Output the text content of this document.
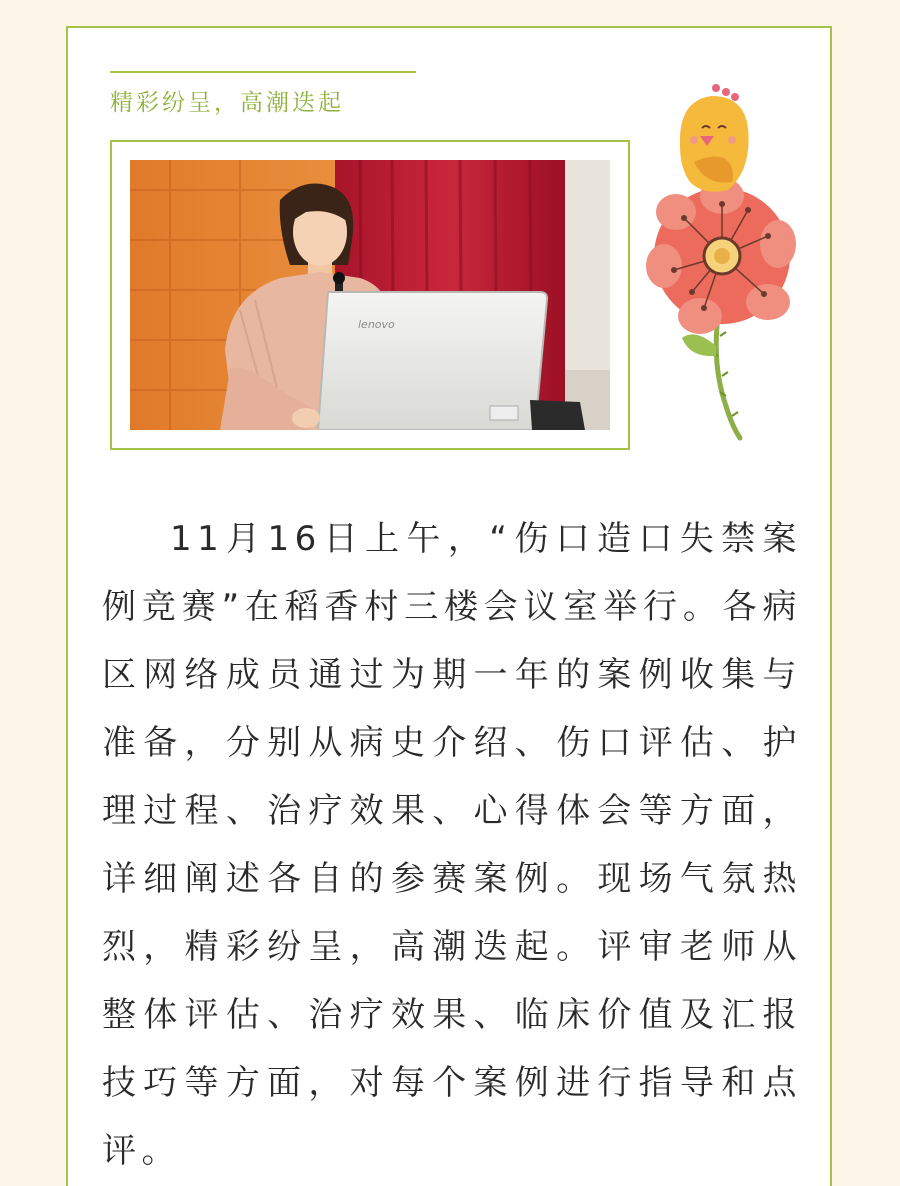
精彩纷呈，高潮迭起
lenovo

11月16日上午，“伤口造口失禁案例竞赛”在稻香村三楼会议室举行。各病区网络成员通过为期一年的案例收集与准备，分别从病史介绍、伤口评估、护理过程、治疗效果、心得体会等方面，详细阐述各自的参赛案例。现场气氛热烈，精彩纷呈，高潮迭起。评审老师从整体评估、治疗效果、临床价值及汇报技巧等方面，对每个案例进行指导和点评。
